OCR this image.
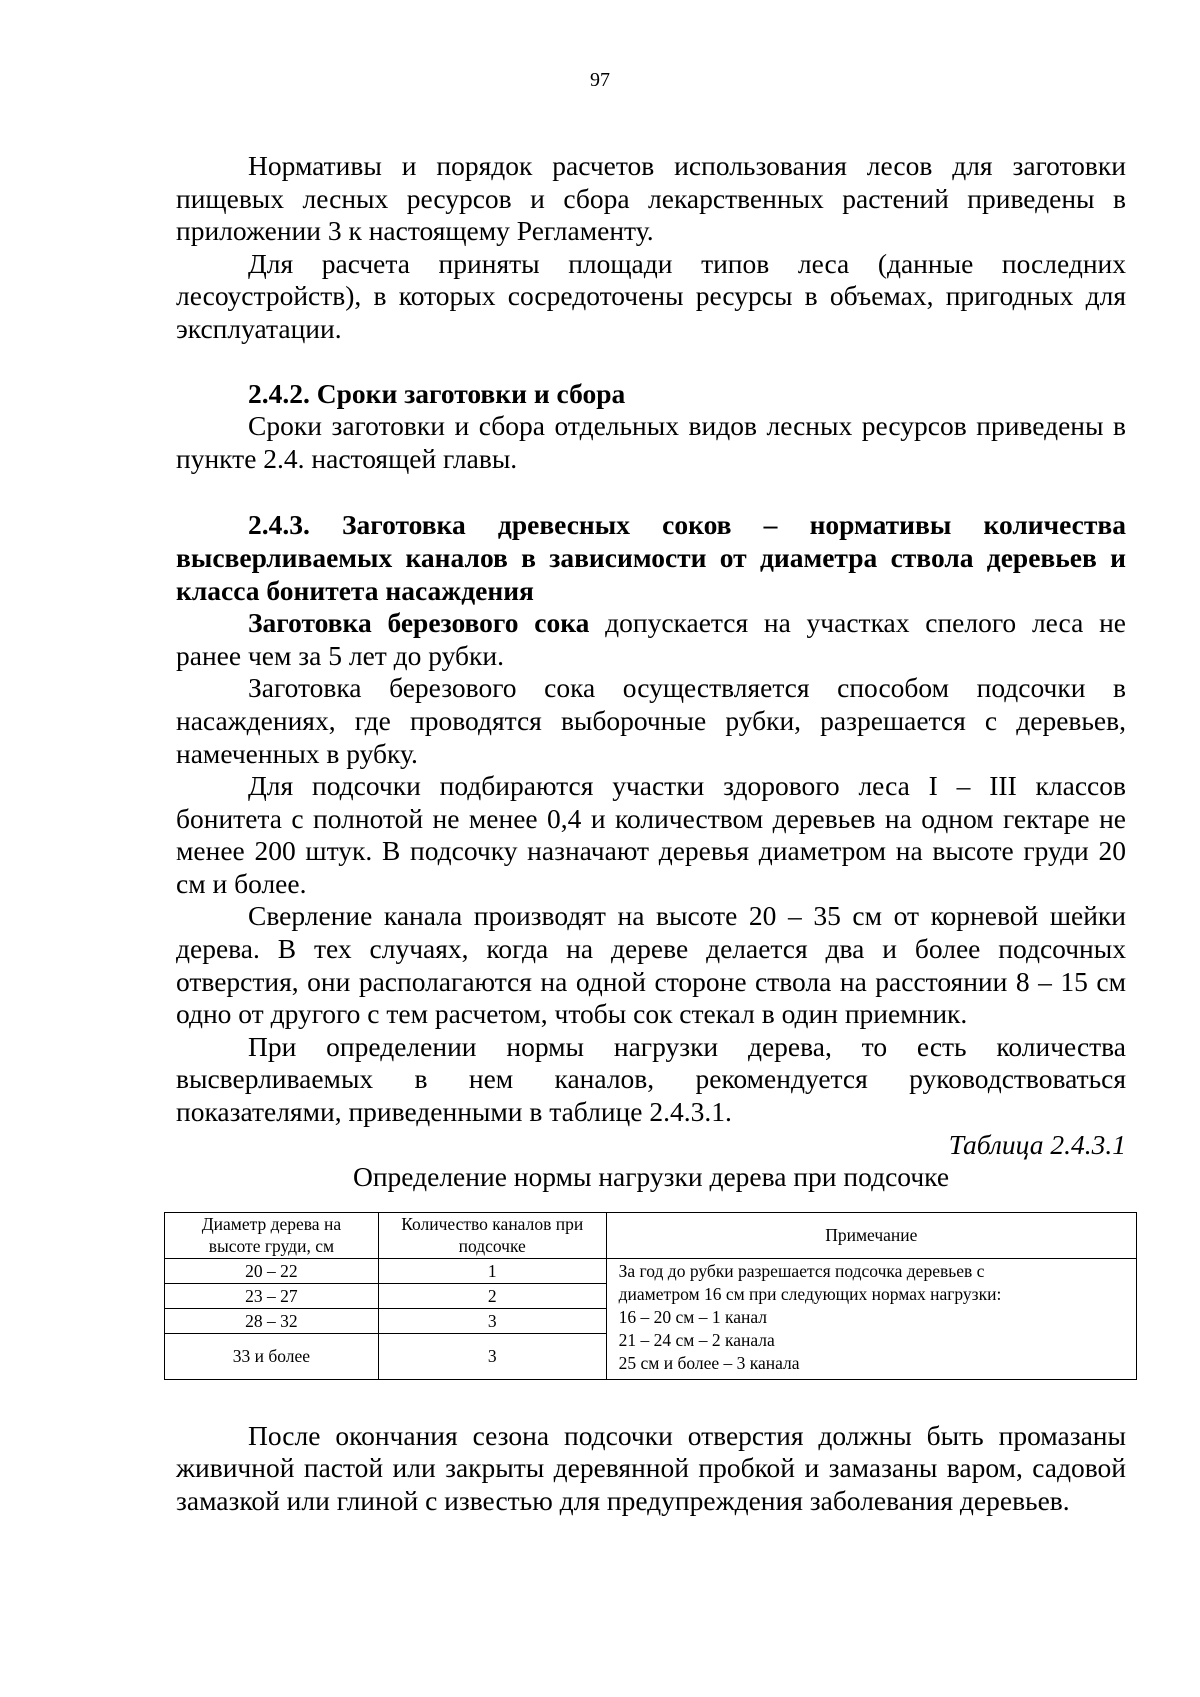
97

Нормативы и порядок расчетов использования лесов для заготовки пищевых лесных ресурсов и сбора лекарственных растений приведены в приложении 3 к настоящему Регламенту.

Для расчета приняты площади типов леса (данные последних лесоустройств), в которых сосредоточены ресурсы в объемах, пригодных для эксплуатации.

2.4.2. Сроки заготовки и сбора

Сроки заготовки и сбора отдельных видов лесных ресурсов приведены в пункте 2.4. настоящей главы.

2.4.3. Заготовка древесных соков – нормативы количества высверливаемых каналов в зависимости от диаметра ствола деревьев и класса бонитета насаждения

Заготовка березового сока допускается на участках спелого леса не ранее чем за 5 лет до рубки.

Заготовка березового сока осуществляется способом подсочки в насаждениях, где проводятся выборочные рубки, разрешается с деревьев, намеченных в рубку.

Для подсочки подбираются участки здорового леса I – III классов бонитета с полнотой не менее 0,4 и количеством деревьев на одном гектаре не менее 200 штук. В подсочку назначают деревья диаметром на высоте груди 20 см и более.

Сверление канала производят на высоте 20 – 35 см от корневой шейки дерева. В тех случаях, когда на дереве делается два и более подсочных отверстия, они располагаются на одной стороне ствола на расстоянии 8 – 15 см одно от другого с тем расчетом, чтобы сок стекал в один приемник.

При определении нормы нагрузки дерева, то есть количества высверливаемых в нем каналов, рекомендуется руководствоваться показателями, приведенными в таблице 2.4.3.1.

Таблица 2.4.3.1

Определение нормы нагрузки дерева при подсочке

Диаметр дерева на высоте груди, см	Количество каналов при подсочке	Примечание
20 – 22	1	За год до рубки разрешается подсочка деревьев с
диаметром 16 см при следующих нормах нагрузки:
16 – 20 см – 1 канал
21 – 24 см – 2 канала
25 см и более – 3 канала

23 – 27	2	
28 – 32	3	
33 и более	3	

После окончания сезона подсочки отверстия должны быть промазаны живичной пастой или закрыты деревянной пробкой и замазаны варом, садовой замазкой или глиной с известью для предупреждения заболевания деревьев.
